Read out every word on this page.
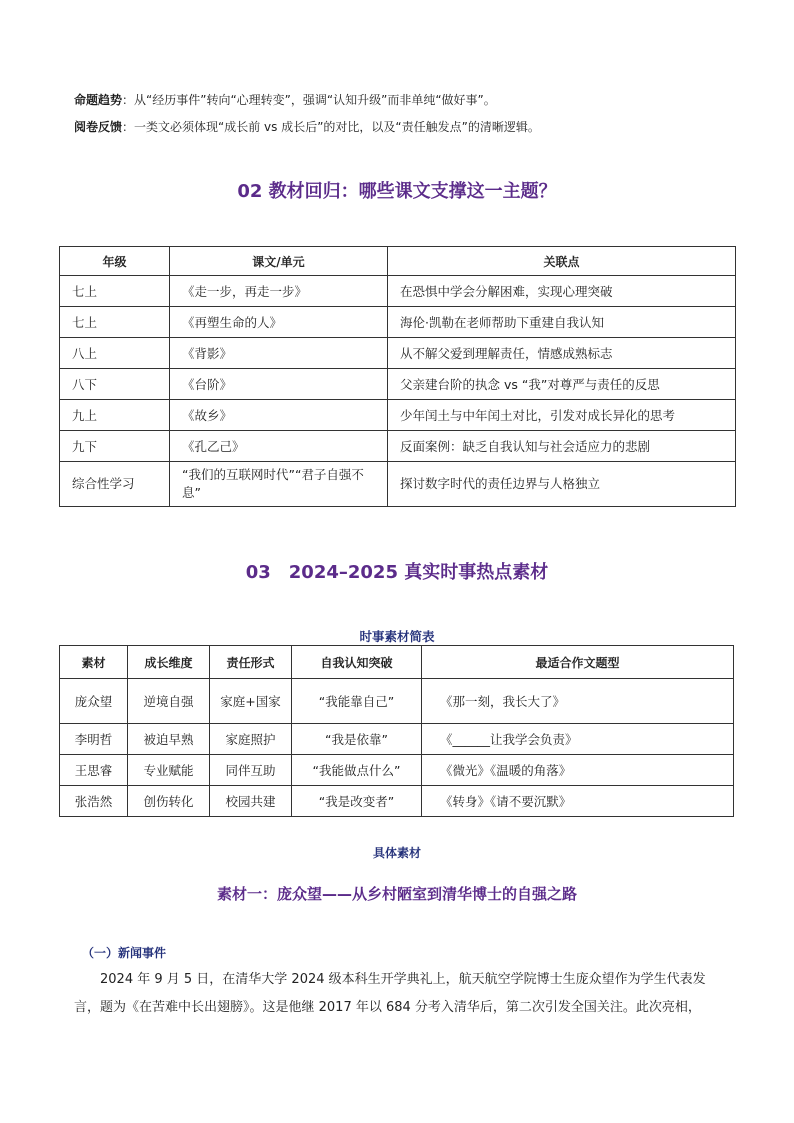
命题趋势：从“经历事件”转向“心理转变”，强调“认知升级”而非单纯“做好事”。
阅卷反馈：一类文必须体现“成长前 vs 成长后”的对比，以及“责任触发点”的清晰逻辑。
02 教材回归：哪些课文支撑这一主题？
年级	课文/单元	关联点
七上	《走一步，再走一步》	在恐惧中学会分解困难，实现心理突破
七上	《再塑生命的人》	海伦·凯勒在老师帮助下重建自我认知
八上	《背影》	从不解父爱到理解责任，情感成熟标志
八下	《台阶》	父亲建台阶的执念 vs “我”对尊严与责任的反思
九上	《故乡》	少年闰土与中年闰土对比，引发对成长异化的思考
九下	《孔乙己》	反面案例：缺乏自我认知与社会适应力的悲剧
综合性学习	“我们的互联网时代”“君子自强不息”	探讨数字时代的责任边界与人格独立
03　2024–2025 真实时事热点素材
时事素材简表
素材	成长维度	责任形式	自我认知突破	最适合作文题型
庞众望	逆境自强	家庭+国家	“我能靠自己”	《那一刻，我长大了》
李明哲	被迫早熟	家庭照护	“我是依靠”	《______让我学会负责》
王思睿	专业赋能	同伴互助	“我能做点什么”	《微光》《温暖的角落》
张浩然	创伤转化	校园共建	“我是改变者”	《转身》《请不要沉默》
具体素材
素材一：庞众望——从乡村陋室到清华博士的自强之路
（一）新闻事件
2024 年 9 月 5 日，在清华大学 2024 级本科生开学典礼上，航天航空学院博士生庞众望作为学生代表发
言，题为《在苦难中长出翅膀》。这是他继 2017 年以 684 分考入清华后，第二次引发全国关注。此次亮相，
